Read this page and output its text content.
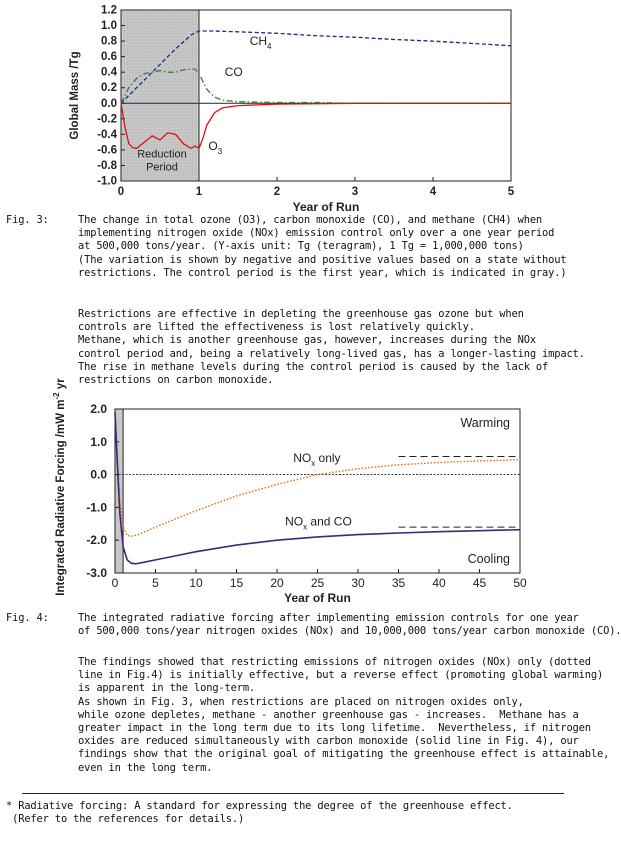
-1.0
-0.8
-0.6
-0.4
-0.2
0.0
0.2
0.4
0.6
0.8
1.0
1.2
0	1	2	3	4	5
Year of Run
Global Mass /Tg
Reduction
Period
$CH_4$
CO
$O_3$

Fig. 3:

	The change in total ozone (O3), carbon monoxide (CO), and methane (CH4) when
implementing nitrogen oxide (NOx) emission control only over a one year period
at 500,000 tons/year. (Y-axis unit: Tg (teragram), 1 Tg = 1,000,000 tons)
(The variation is shown by negative and positive values based on a state without
restrictions. The control period is the first year, which is indicated in gray.)

Restrictions are effective in depleting the greenhouse gas ozone but when
controls are lifted the effectiveness is lost relatively quickly.
Methane, which is another greenhouse gas, however, increases during the NOx
control period and, being a relatively long-lived gas, has a longer-lasting impact.
The rise in methane levels during the control period is caused by the lack of
restrictions on carbon monoxide.
-3.0
-2.0
-1.0
0.0
1.0
2.0
0	5	10 15 20 25 30 35 40 45 50
Year of Run
Integrated Radiative Forcing /mW $m^{-2}$ yr
$NO_x$ only
$NO_x$ and CO
Warming
Cooling

Fig. 4:

	The integrated radiative forcing after implementing emission controls for one year
of 500,000 tons/year nitrogen oxides (NOx) and 10,000,000 tons/year carbon monoxide (CO).

The findings showed that restricting emissions of nitrogen oxides (NOx) only (dotted
line in Fig.4) is initially effective, but a reverse effect (promoting global warming)
is apparent in the long-term.
As shown in Fig. 3, when restrictions are placed on nitrogen oxides only,
while ozone depletes, methane - another greenhouse gas - increases.  Methane has a
greater impact in the long term due to its long lifetime.  Nevertheless, if nitrogen
oxides are reduced simultaneously with carbon monoxide (solid line in Fig. 4), our
findings show that the original goal of mitigating the greenhouse effect is attainable,
even in the long term.
* Radiative forcing: A standard for expressing the degree of the greenhouse effect.
(Refer to the references for details.)
